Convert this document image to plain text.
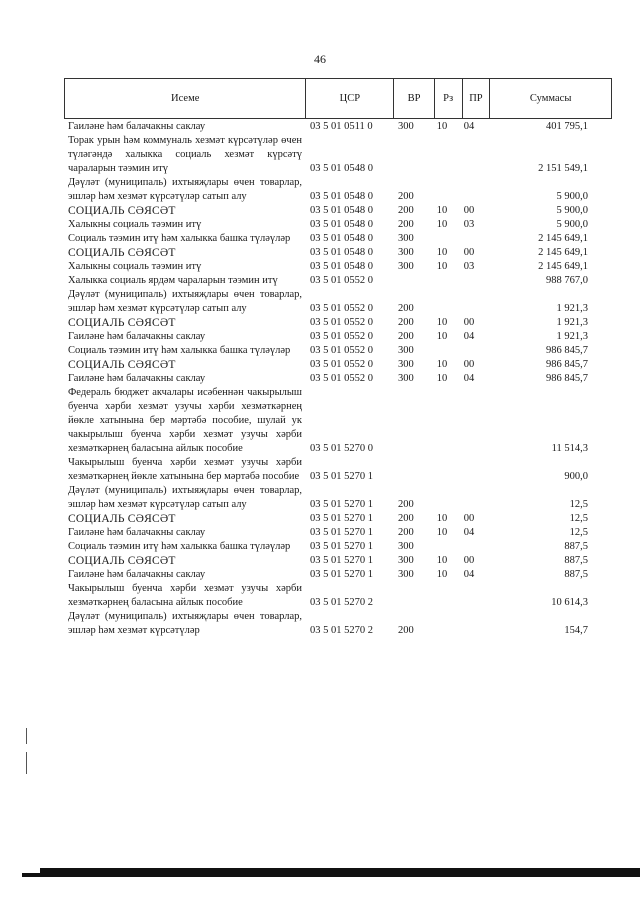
46
Исеме	ЦСР	ВР	Рз	ПР	Суммасы
Гаиләне һәм балачакны саклау	03 5 01 0511 0	300	10	04	401 795,1
Торак урын һәм коммуналь хезмәт күрсәтүләр өчен түләгәндә халыкка социаль хезмәт күрсәтү чараларын тәэмин итү	03 5 01 0548 0	2 151 549,1
Дәүләт (муниципаль) ихтыяҗлары өчен товарлар, эшләр һәм хезмәт күрсәтүләр сатып алу	03 5 01 0548 0	200	5 900,0
СОЦИАЛЬ СӘЯСӘТ	03 5 01 0548 0	200	10	00	5 900,0
Халыкны социаль тәэмин итү	03 5 01 0548 0	200	10	03	5 900,0
Социаль тәэмин итү һәм халыкка башка түләүләр	03 5 01 0548 0	300	2 145 649,1
СОЦИАЛЬ СӘЯСӘТ	03 5 01 0548 0	300	10	00	2 145 649,1
Халыкны социаль тәэмин итү	03 5 01 0548 0	300	10	03	2 145 649,1
Халыкка социаль ярдәм чараларын тәэмин итү	03 5 01 0552 0	988 767,0
Дәүләт (муниципаль) ихтыяҗлары өчен товарлар, эшләр һәм хезмәт күрсәтүләр сатып алу	03 5 01 0552 0	200	1 921,3
СОЦИАЛЬ СӘЯСӘТ	03 5 01 0552 0	200	10	00	1 921,3
Гаиләне һәм балачакны саклау	03 5 01 0552 0	200	10	04	1 921,3
Социаль тәэмин итү һәм халыкка башка түләүләр	03 5 01 0552 0	300	986 845,7
СОЦИАЛЬ СӘЯСӘТ	03 5 01 0552 0	300	10	00	986 845,7
Гаиләне һәм балачакны саклау	03 5 01 0552 0	300	10	04	986 845,7
Федераль бюджет акчалары исәбеннән чакырылыш буенча хәрби хезмәт узучы хәрби хезмәткәрнең йөкле хатынына бер мәртәбә пособие, шулай ук чакырылыш буенча хәрби хезмәт узучы хәрби хезмәткәрнең баласына айлык пособие	03 5 01 5270 0	11 514,3
Чакырылыш буенча хәрби хезмәт узучы хәрби хезмәткәрнең йөкле хатынына бер мәртәбә пособие	03 5 01 5270 1	900,0
Дәүләт (муниципаль) ихтыяҗлары өчен товарлар, эшләр һәм хезмәт күрсәтүләр сатып алу	03 5 01 5270 1	200	12,5
СОЦИАЛЬ СӘЯСӘТ	03 5 01 5270 1	200	10	00	12,5
Гаиләне һәм балачакны саклау	03 5 01 5270 1	200	10	04	12,5
Социаль тәэмин итү һәм халыкка башка түләүләр	03 5 01 5270 1	300	887,5
СОЦИАЛЬ СӘЯСӘТ	03 5 01 5270 1	300	10	00	887,5
Гаиләне һәм балачакны саклау	03 5 01 5270 1	300	10	04	887,5
Чакырылыш буенча хәрби хезмәт узучы хәрби хезмәткәрнең баласына айлык пособие	03 5 01 5270 2	10 614,3
Дәүләт (муниципаль) ихтыяҗлары өчен товарлар, эшләр һәм хезмәт күрсәтүләр	03 5 01 5270 2	200	154,7
